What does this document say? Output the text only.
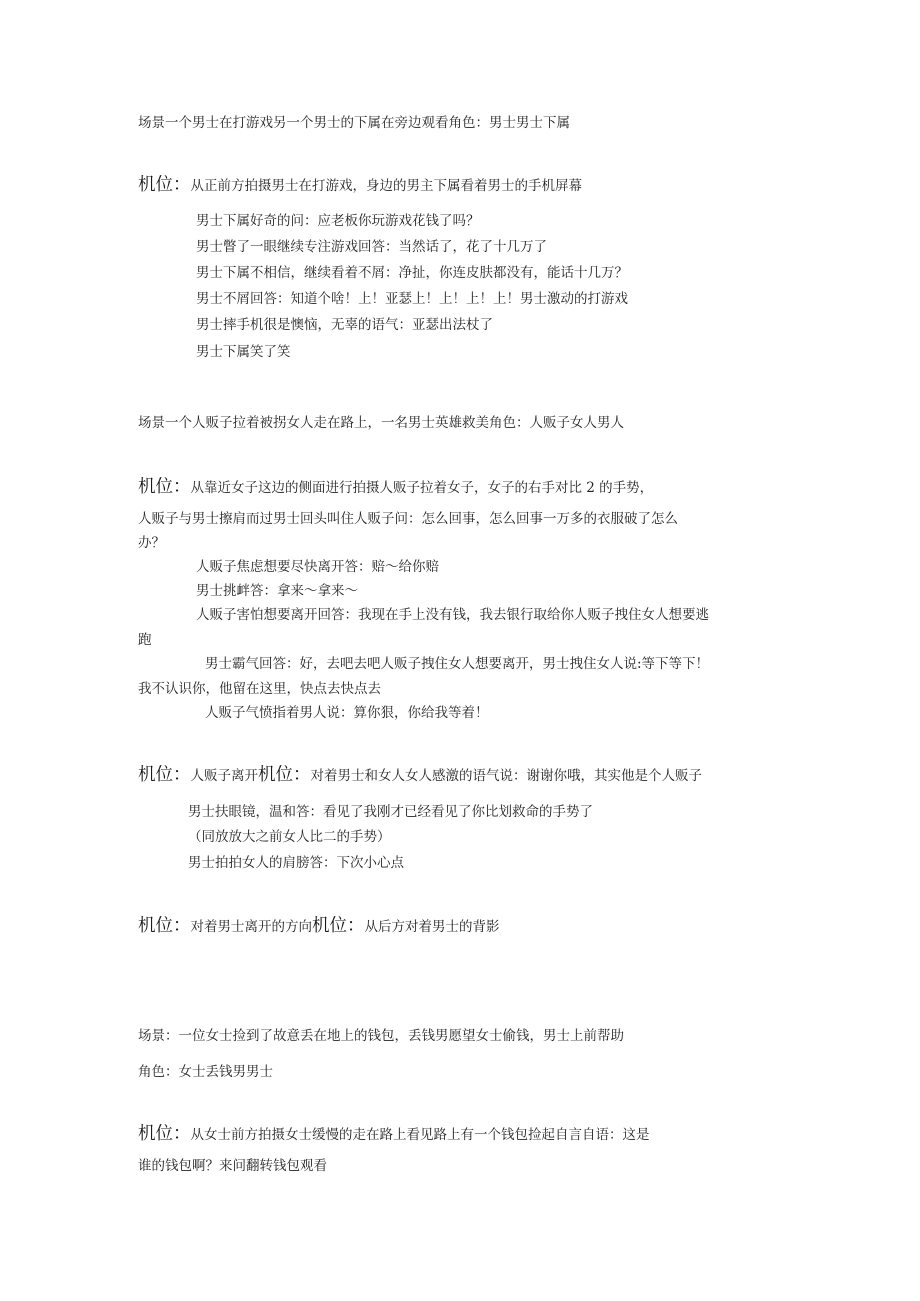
场景一个男士在打游戏另一个男士的下属在旁边观看角色：男士男士下属
机位：从正前方拍摄男士在打游戏，身边的男主下属看着男士的手机屏幕
男士下属好奇的问：应老板你玩游戏花钱了吗？
男士瞥了一眼继续专注游戏回答：当然话了，花了十几万了
男士下属不相信，继续看着不屑：净扯，你连皮肤都没有，能话十几万？
男士不屑回答：知道个啥！上！亚瑟上！上！上！上！男士激动的打游戏
男士摔手机很是懊恼，无辜的语气：亚瑟出法杖了
男士下属笑了笑
场景一个人贩子拉着被拐女人走在路上，一名男士英雄救美角色：人贩子女人男人
机位：从靠近女子这边的侧面进行拍摄人贩子拉着女子，女子的右手对比 2 的手势，
人贩子与男士擦肩而过男士回头叫住人贩子问：怎么回事，怎么回事一万多的衣服破了怎么
办？
人贩子焦虑想要尽快离开答：赔～给你赔
男士挑衅答：拿来～拿来～
人贩子害怕想要离开回答：我现在手上没有钱，我去银行取给你人贩子拽住女人想要逃
跑
男士霸气回答：好，去吧去吧人贩子拽住女人想要离开，男士拽住女人说:等下等下！
我不认识你，他留在这里，快点去快点去
人贩子气愤指着男人说：算你狠，你给我等着！
机位：人贩子离开机位：对着男士和女人女人感激的语气说：谢谢你哦，其实他是个人贩子
男士扶眼镜，温和答：看见了我刚才已经看见了你比划救命的手势了
（同放放大之前女人比二的手势）
男士拍拍女人的肩膀答：下次小心点
机位：对着男士离开的方向机位：从后方对着男士的背影
场景：一位女士捡到了故意丢在地上的钱包，丢钱男愿望女士偷钱，男士上前帮助
角色：女士丢钱男男士
机位：从女士前方拍摄女士缓慢的走在路上看见路上有一个钱包捡起自言自语：这是
谁的钱包啊？来问翻转钱包观看
